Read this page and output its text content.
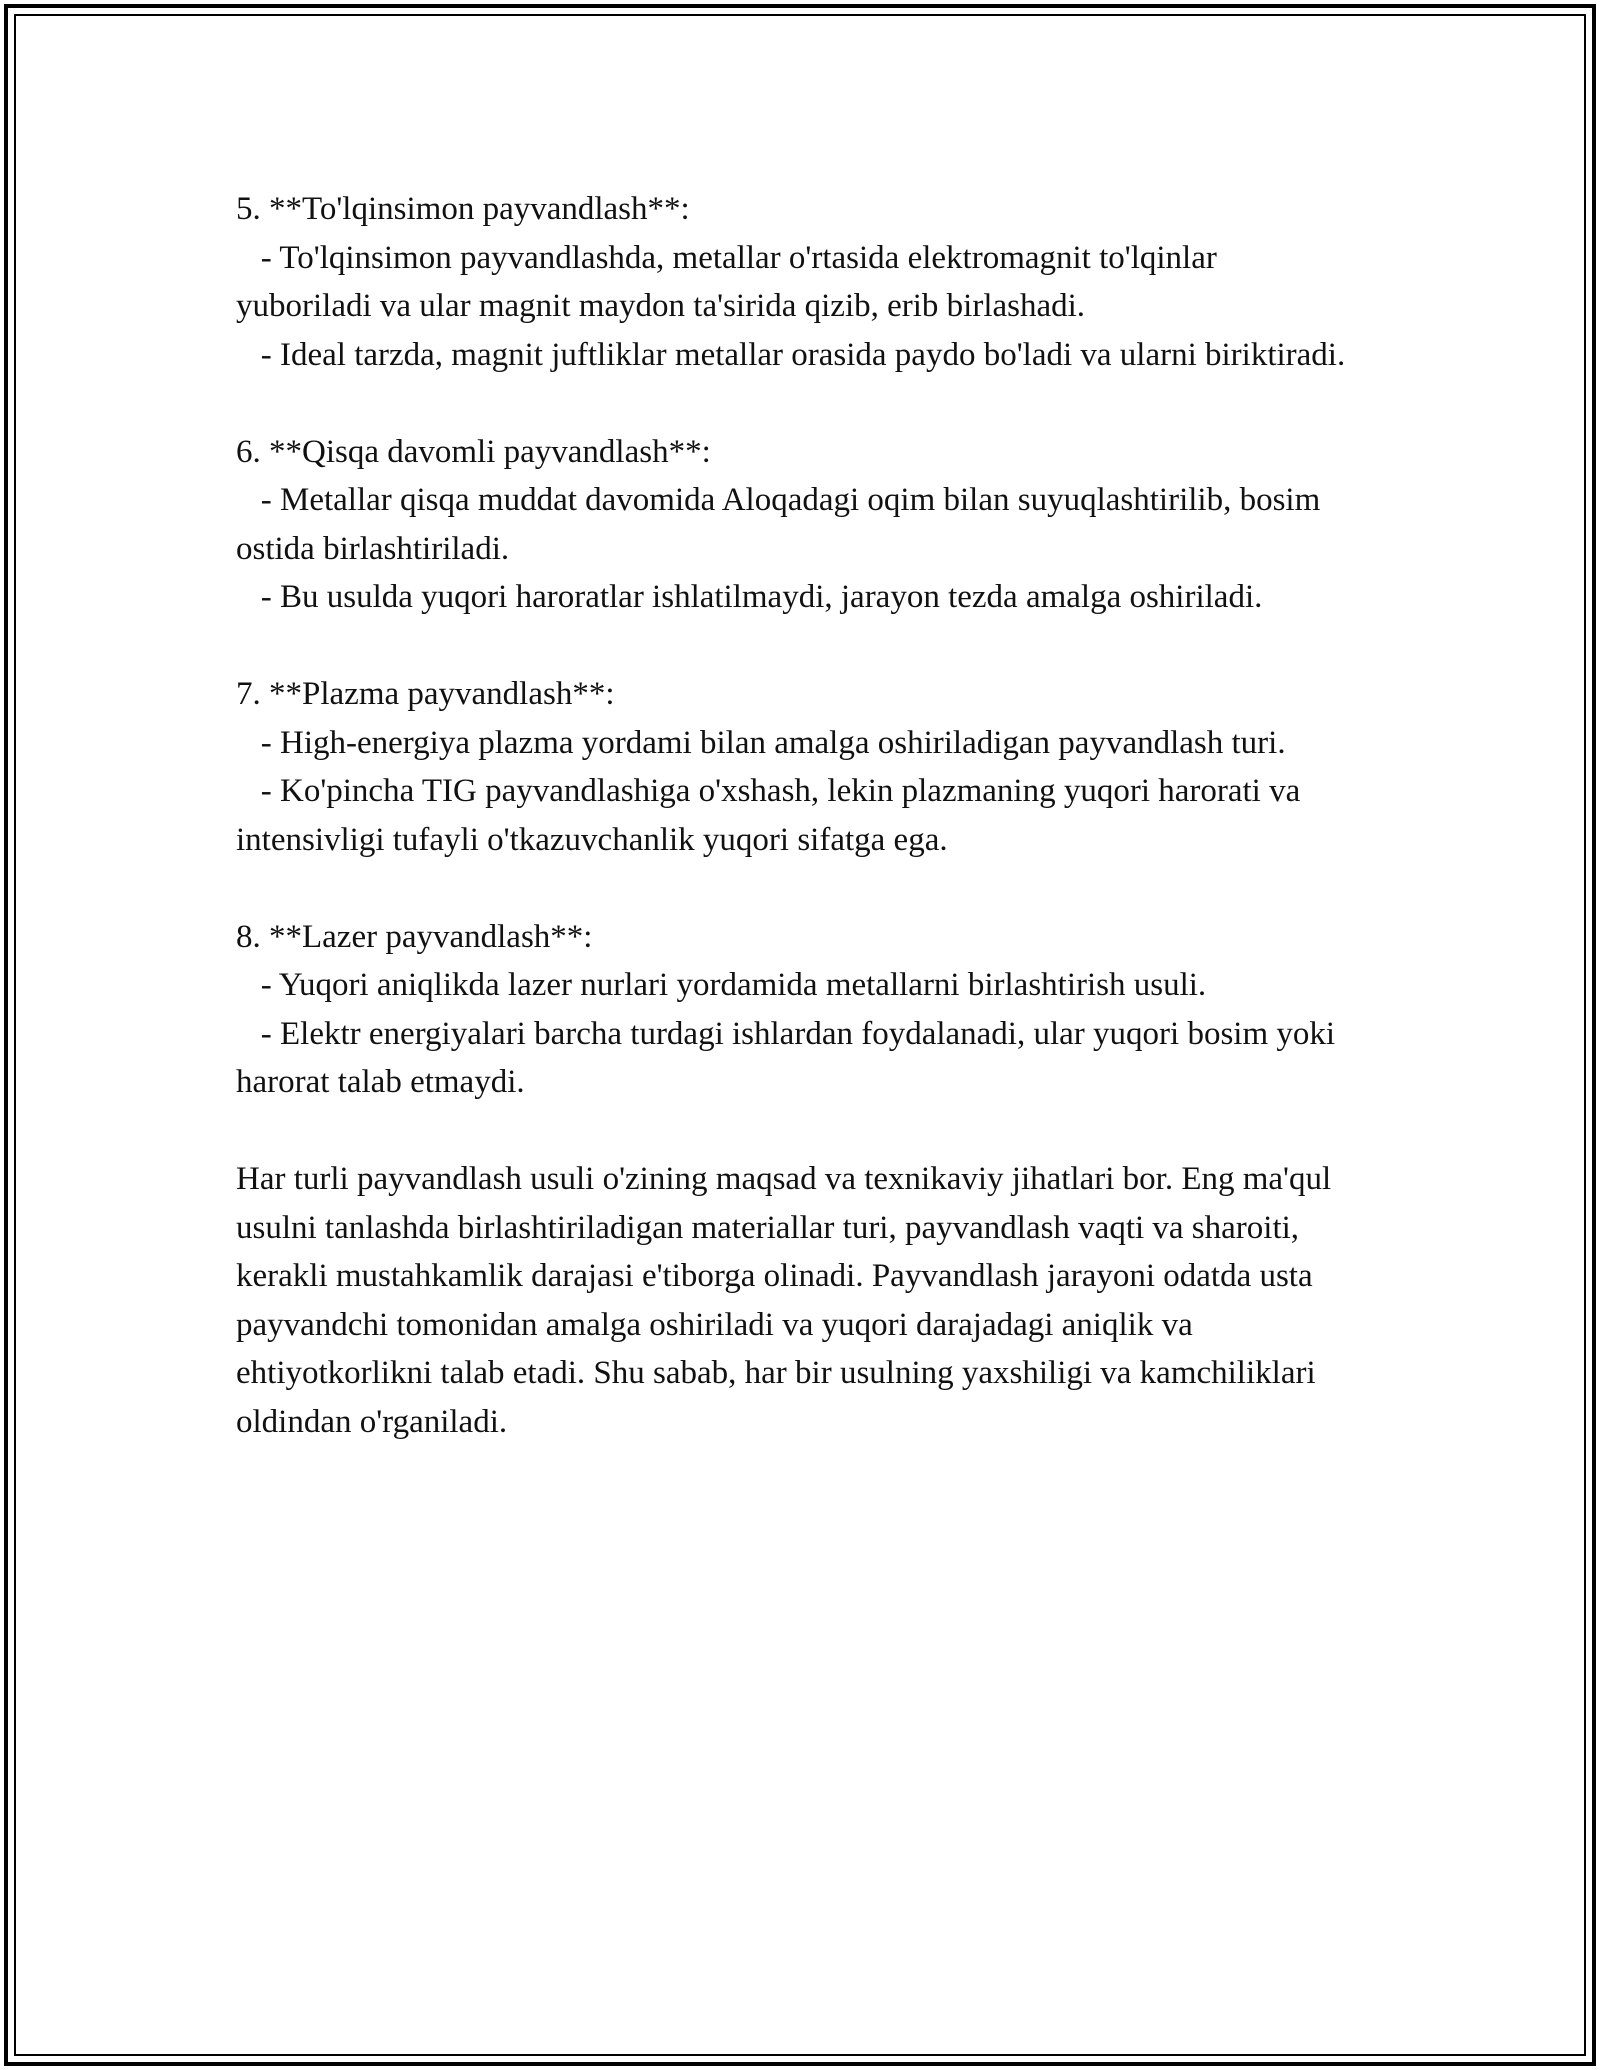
5. **To'lqinsimon payvandlash**:
- To'lqinsimon payvandlashda, metallar o'rtasida elektromagnit to'lqinlar yuboriladi va ular magnit maydon ta'sirida qizib, erib birlashadi.
- Ideal tarzda, magnit juftliklar metallar orasida paydo bo'ladi va ularni biriktiradi.
6. **Qisqa davomli payvandlash**:
- Metallar qisqa muddat davomida Aloqadagi oqim bilan suyuqlashtirilib, bosim ostida birlashtiriladi.
- Bu usulda yuqori haroratlar ishlatilmaydi, jarayon tezda amalga oshiriladi.
7. **Plazma payvandlash**:
- High-energiya plazma yordami bilan amalga oshiriladigan payvandlash turi.
- Ko'pincha TIG payvandlashiga o'xshash, lekin plazmaning yuqori harorati va intensivligi tufayli o'tkazuvchanlik yuqori sifatga ega.
8. **Lazer payvandlash**:
- Yuqori aniqlikda lazer nurlari yordamida metallarni birlashtirish usuli.
- Elektr energiyalari barcha turdagi ishlardan foydalanadi, ular yuqori bosim yoki harorat talab etmaydi.
Har turli payvandlash usuli o'zining maqsad va texnikaviy jihatlari bor. Eng ma'qul usulni tanlashda birlashtiriladigan materiallar turi, payvandlash vaqti va sharoiti, kerakli mustahkamlik darajasi e'tiborga olinadi. Payvandlash jarayoni odatda usta payvandchi tomonidan amalga oshiriladi va yuqori darajadagi aniqlik va ehtiyotkorlikni talab etadi. Shu sabab, har bir usulning yaxshiligi va kamchiliklari oldindan o'rganiladi.
